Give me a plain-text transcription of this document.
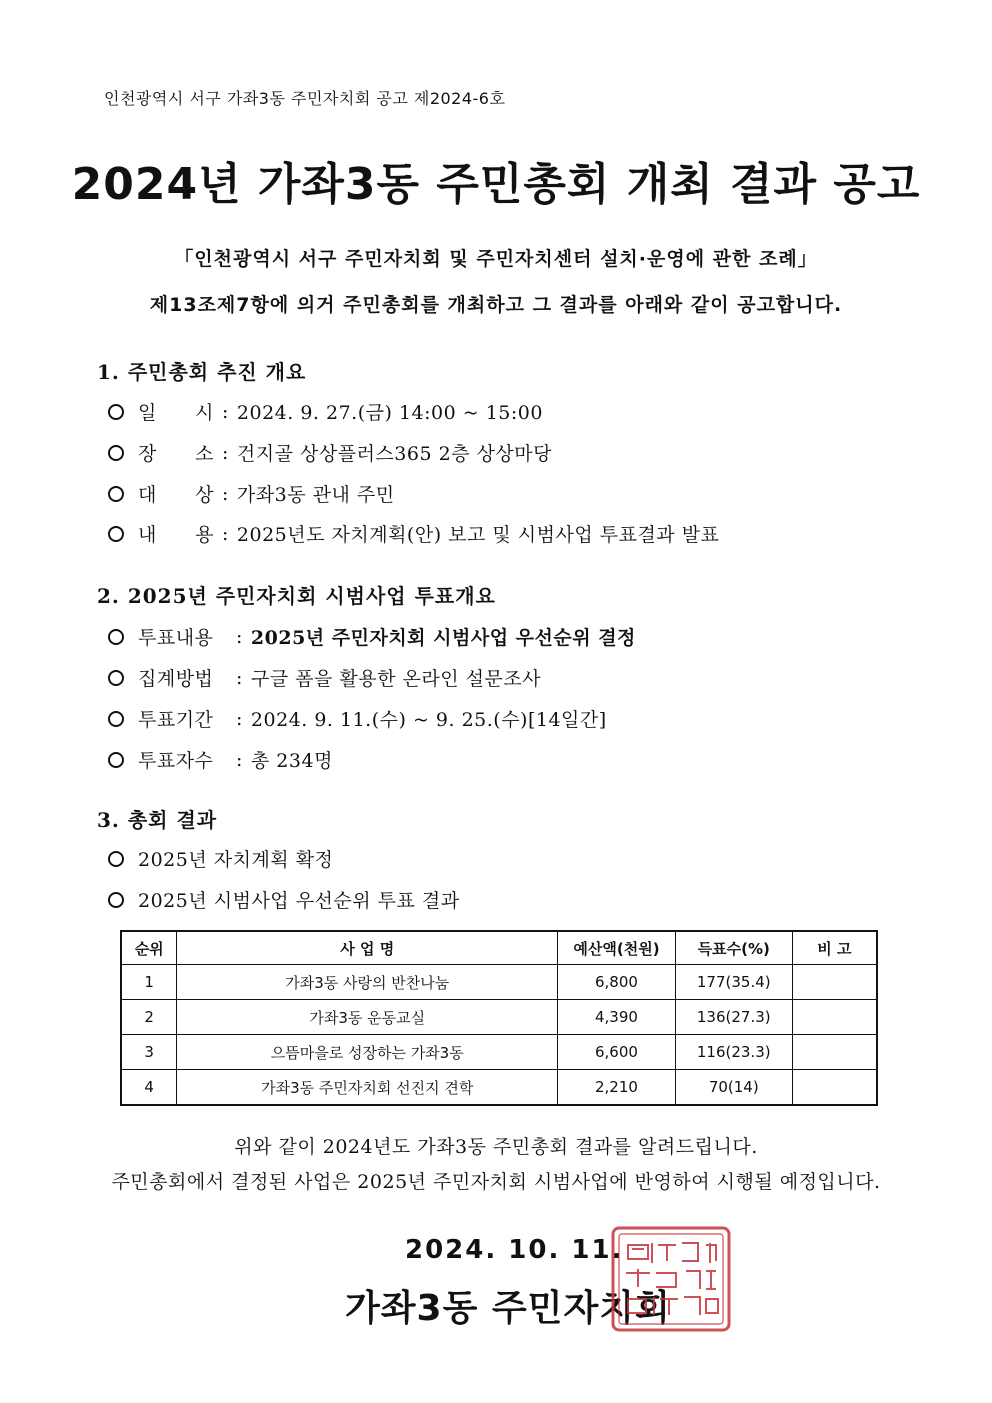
인천광역시 서구 가좌3동 주민자치회 공고 제2024-6호
2024년 가좌3동 주민총회 개최 결과 공고
「인천광역시 서구 주민자치회 및 주민자치센터 설치·운영에 관한 조례」
제13조제7항에 의거 주민총회를 개최하고 그 결과를 아래와 같이 공고합니다.
1. 주민총회 추진 개요
일 시 : 2024. 9. 27.(금) 14:00 ~ 15:00
장 소 : 건지골 상상플러스365 2층 상상마당
대 상 : 가좌3동 관내 주민
내 용 : 2025년도 자치계획(안) 보고 및 시범사업 투표결과 발표
2. 2025년 주민자치회 시범사업 투표개요
투표내용	: 2025년 주민자치회 시범사업 우선순위 결정
집계방법	: 구글 폼을 활용한 온라인 설문조사
투표기간	: 2024. 9. 11.(수) ~ 9. 25.(수)[14일간]
투표자수	: 총 234명
3. 총회 결과
2025년 자치계획 확정
2025년 시범사업 우선순위 투표 결과
순위	사 업 명	예산액(천원)	득표수(%)	비 고
1	가좌3동 사랑의 반찬나눔	6,800	177(35.4)	
2	가좌3동 운동교실	4,390	136(27.3)	
3	으뜸마을로 성장하는 가좌3동	6,600	116(23.3)	
4	가좌3동 주민자치회 선진지 견학	2,210	70(14)	
위와 같이 2024년도 가좌3동 주민총회 결과를 알려드립니다.
주민총회에서 결정된 사업은 2025년 주민자치회 시범사업에 반영하여 시행될 예정입니다.
2024. 10. 11.
가좌3동 주민자치회
